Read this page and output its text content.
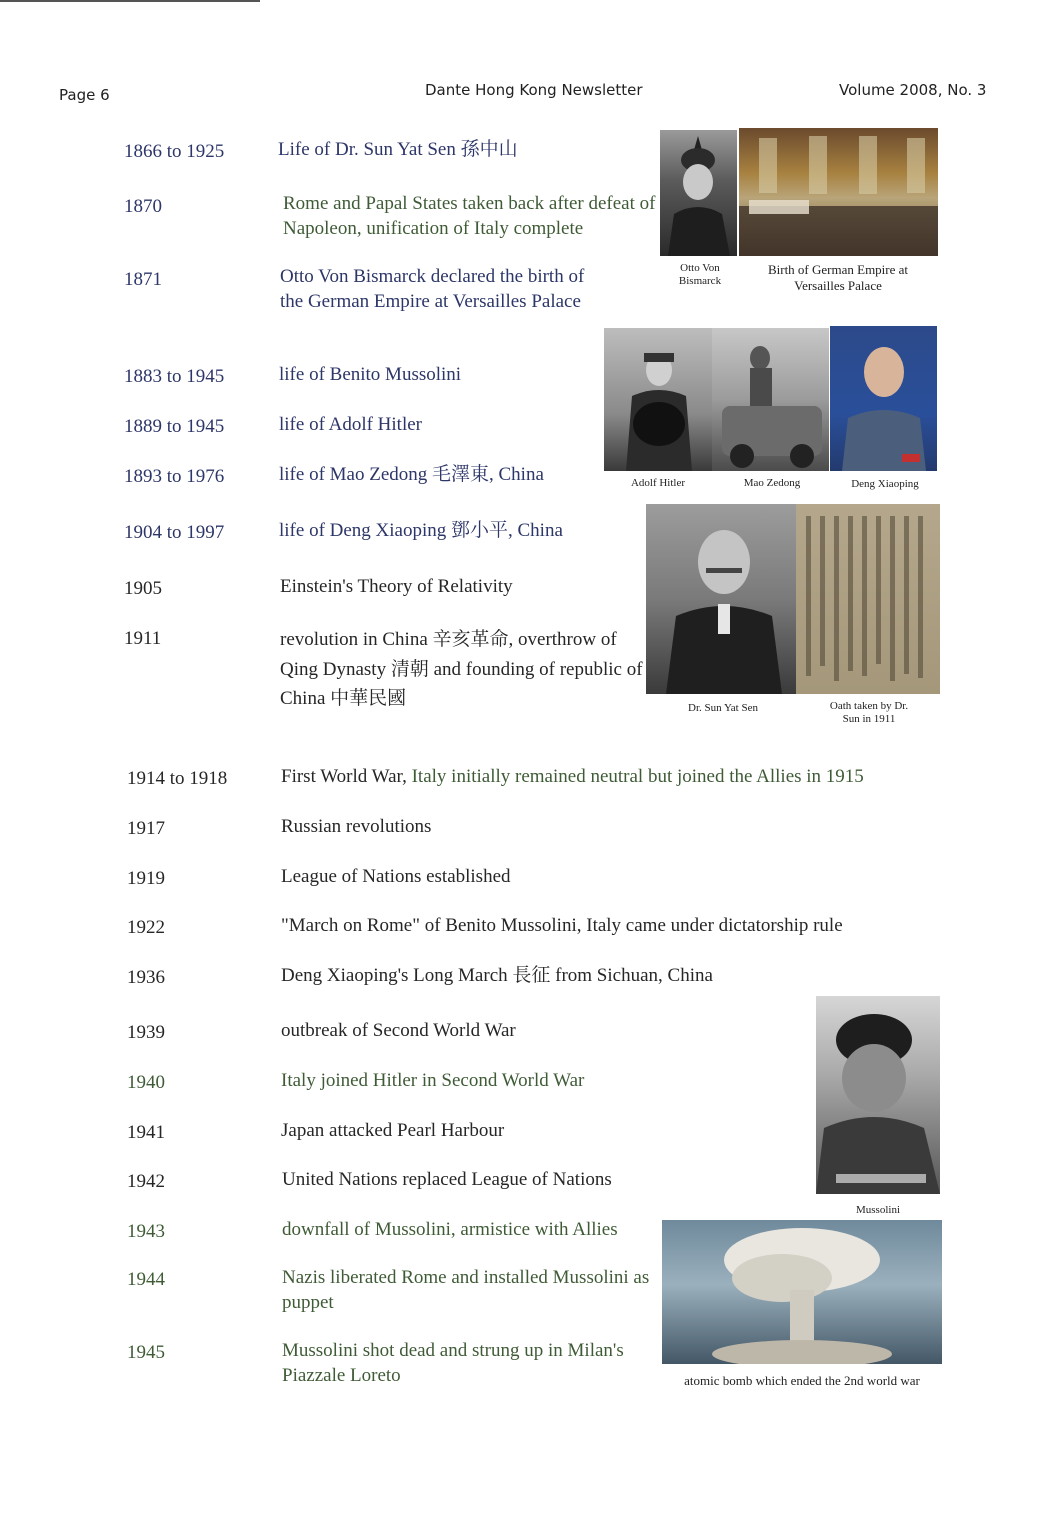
Page 6	Dante Hong Kong Newsletter	Volume 2008, No. 3
1866 to 1925	Life of Dr. Sun Yat Sen 孫中山
1870	Rome and Papal States taken back after defeat of Napoleon, unification of Italy complete
1871	Otto Von Bismarck declared the birth of the German Empire at Versailles Palace
1883 to 1945	life of Benito Mussolini
1889 to 1945	life of Adolf Hitler
1893 to 1976	life of Mao Zedong 毛澤東, China
1904 to 1997	life of Deng Xiaoping 鄧小平, China
1905	Einstein's Theory of Relativity
1911	revolution in China 辛亥革命, overthrow of Qing Dynasty 清朝 and founding of republic of China 中華民國
1914 to 1918	First World War, Italy initially remained neutral but joined the Allies in 1915
1917	Russian revolutions
1919	League of Nations established
1922	"March on Rome" of Benito Mussolini, Italy came under dictatorship rule
1936	Deng Xiaoping's Long March 長征 from Sichuan, China
1939	outbreak of Second World War
1940	Italy joined Hitler in Second World War
1941	Japan attacked Pearl Harbour
1942	United Nations replaced League of Nations
1943	downfall of Mussolini, armistice with Allies
1944	Nazis liberated Rome and installed Mussolini as puppet
1945	Mussolini shot dead and strung up in Milan's Piazzale Loreto
Otto Von Bismarck
Birth of German Empire at Versailles Palace
Adolf Hitler	Mao Zedong	Deng Xiaoping
Dr. Sun Yat Sen	Oath taken by Dr. Sun in 1911
Mussolini
atomic bomb which ended the 2nd world war
